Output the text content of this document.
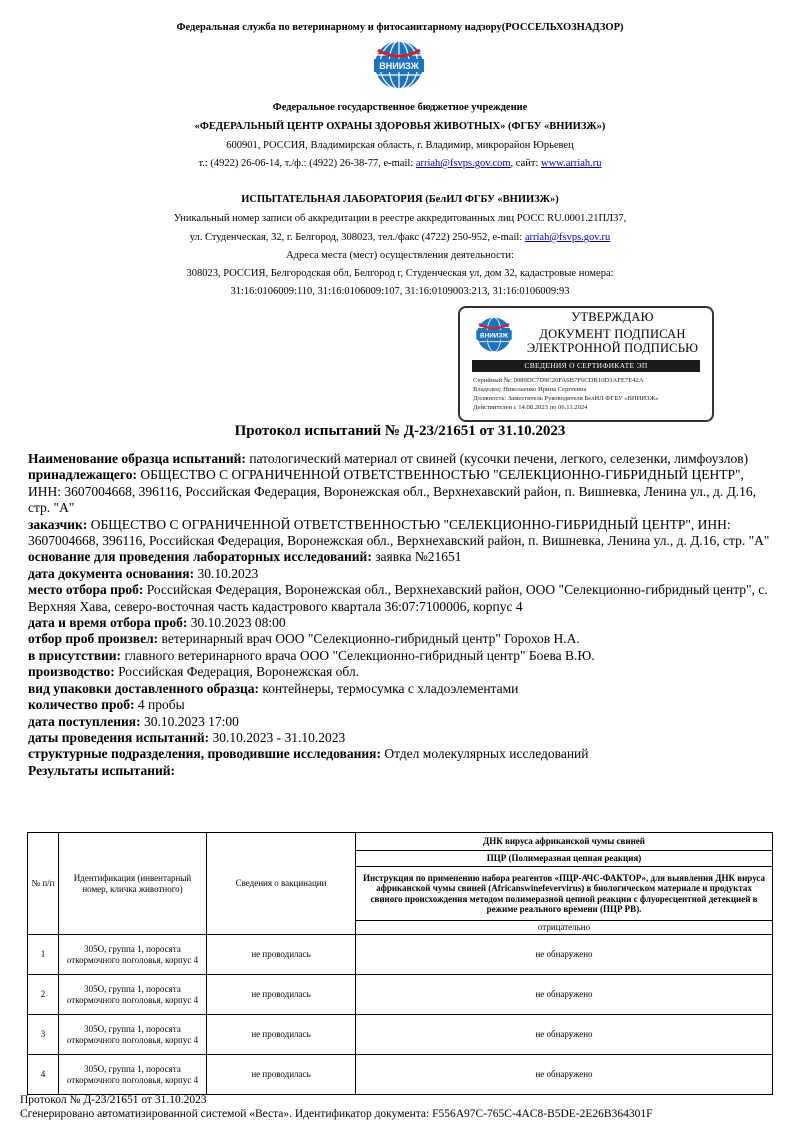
Федеральная служба по ветеринарному и фитосанитарному надзору(РОССЕЛЬХОЗНАДЗОР)
ВНИИЗЖ
Федеральное государственное бюджетное учреждение
«ФЕДЕРАЛЬНЫЙ ЦЕНТР ОХРАНЫ ЗДОРОВЬЯ ЖИВОТНЫХ» (ФГБУ «ВНИИЗЖ»)
600901, РОССИЯ, Владимирская область, г. Владимир, микрорайон Юрьевец
т.: (4922) 26-06-14, т./ф.: (4922) 26-38-77, e-mail: arriah@fsvps.gov.com, сайт: www.arriah.ru
ИСПЫТАТЕЛЬНАЯ ЛАБОРАТОРИЯ (БелИЛ ФГБУ «ВНИИЗЖ»)
Уникальный номер записи об аккредитации в реестре аккредитованных лиц РОСС RU.0001.21ПЛ37,
ул. Студенческая, 32, г. Белгород, 308023, тел./факс (4722) 250-952, e-mail: arriah@fsvps.gov.ru
Адреса места (мест) осуществления деятельности:
308023, РОССИЯ, Белгородская обл, Белгород г, Студенческая ул, дом 32, кадастровые номера:
31:16:0106009:110, 31:16:0106009:107, 31:16:0109003:213, 31:16:0106009:93
ВНИИЗЖ
УТВЕРЖДАЮ
ДОКУМЕНТ ПОДПИСАН
ЭЛЕКТРОННОЙ ПОДПИСЬЮ
СВЕДЕНИЯ О СЕРТИФИКАТЕ ЭП
Серийный №: 0089DC7D9C26FA6B7F6CDB10D3AFE7E42A
Владелец: Николаенко Ирина Сергеевна
Должность: Заместитель Руководителя БелИЛ ФГБУ «ВНИИЗЖ»
Действителен с 14.08.2023 по 06.11.2024
Протокол испытаний № Д-23/21651 от 31.10.2023

Наименование образца испытаний: патологический материал от свиней (кусочки печени, легкого, селезенки, лимфоузлов)

принадлежащего: ОБЩЕСТВО С ОГРАНИЧЕННОЙ ОТВЕТСТВЕННОСТЬЮ "СЕЛЕКЦИОННО-ГИБРИДНЫЙ ЦЕНТР", ИНН: 3607004668, 396116, Российская Федерация, Воронежская обл., Верхнехавский район, п. Вишневка, Ленина ул., д. Д.16, стр. "А"

заказчик: ОБЩЕСТВО С ОГРАНИЧЕННОЙ ОТВЕТСТВЕННОСТЬЮ "СЕЛЕКЦИОННО-ГИБРИДНЫЙ ЦЕНТР", ИНН: 3607004668, 396116, Российская Федерация, Воронежская обл., Верхнехавский район, п. Вишневка, Ленина ул., д. Д.16, стр. "А"

основание для проведения лабораторных исследований: заявка №21651

дата документа основания: 30.10.2023

место отбора проб: Российская Федерация, Воронежская обл., Верхнехавский район, ООО "Селекционно-гибридный центр", с. Верхняя Хава, северо-восточная часть кадастрового квартала 36:07:7100006, корпус 4

дата и время отбора проб: 30.10.2023 08:00

отбор проб произвел: ветеринарный врач ООО "Селекционно-гибридный центр" Горохов Н.А.

в присутствии: главного ветеринарного врача ООО "Селекционно-гибридный центр" Боева В.Ю.

производство: Российская Федерация, Воронежская обл.

вид упаковки доставленного образца: контейнеры, термосумка с хладоэлементами

количество проб: 4 пробы

дата поступления: 30.10.2023 17:00

даты проведения испытаний: 30.10.2023 - 31.10.2023

структурные подразделения, проводившие исследования: Отдел молекулярных исследований

Результаты испытаний:

№ п/п	Идентификация (инвентарный номер, кличка животного)	Сведения о вакцинации	ДНК вируса африканской чумы свиней
			ПЦР (Полимеразная цепная реакция)
			Инструкция по применению набора реагентов «ПЦР-АЧС-ФАКТОР», для выявления ДНК вируса африканской чумы свиней (Africanswinefevervirus) в биологическом материале и продуктах свиного происхождения методом полимеразной цепной реакции с флуоресцентной детекцией в режиме реального времени (ПЦР РВ).
			отрицательно
1	305О, группа 1, поросята откормочного поголовья, корпус 4	не проводилась	не обнаружено
2	305О, группа 1, поросята откормочного поголовья, корпус 4	не проводилась	не обнаружено
3	305О, группа 1, поросята откормочного поголовья, корпус 4	не проводилась	не обнаружено
4	305О, группа 1, поросята откормочного поголовья, корпус 4	не проводилась	не обнаружено
Протокол № Д-23/21651 от 31.10.2023
Сгенерировано автоматизированной системой «Веста». Идентификатор документа: F556A97C-765C-4AC8-B5DE-2E26B364301F
